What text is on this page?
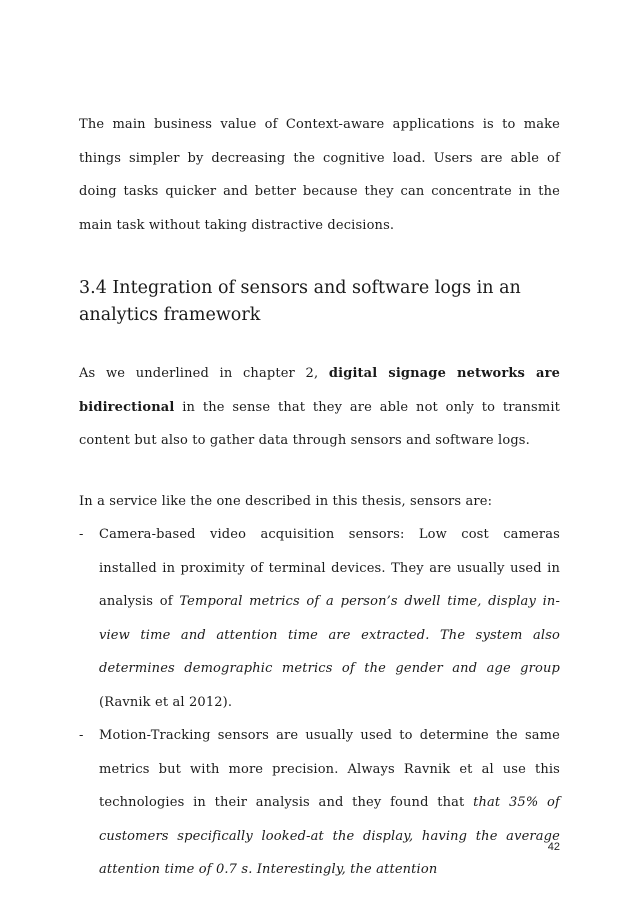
The main business value of Context-aware applications is to make things simpler by decreasing the cognitive load. Users are able of doing tasks quicker and better because they can concentrate in the main task without taking distractive decisions.

3.4 Integration of sensors and software logs in an analytics framework

As we underlined in chapter 2, digital signage networks are bidirectional in the sense that they are able not only to transmit content but also to gather data through sensors and software logs.

In a service like the one described in this thesis, sensors are:

- Camera-based video acquisition sensors: Low cost cameras installed in proximity of terminal devices. They are usually used in analysis of Temporal metrics of a person’s dwell time, display in-view time and attention time are extracted. The system also determines demographic metrics of the gender and age group (Ravnik et al 2012).
- Motion-Tracking sensors are usually used to determine the same metrics but with more precision. Always Ravnik et al use this technologies in their analysis and they found that that 35% of customers specifically looked-at the display, having the average attention time of 0.7 s. Interestingly, the attention
42
